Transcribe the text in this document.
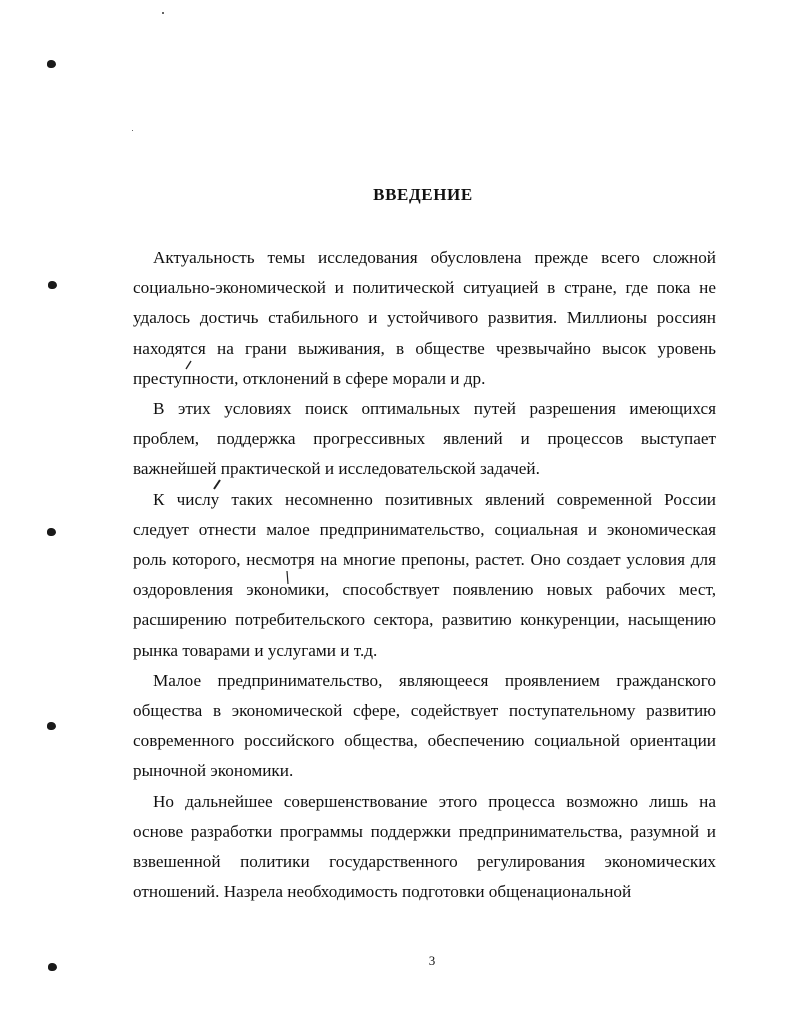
ВВЕДЕНИЕ

Актуальность темы исследования обусловлена прежде всего сложной социально-экономической и политической ситуацией в стране, где пока не удалось достичь стабильного и устойчивого развития. Миллионы россиян находятся на грани выживания, в обществе чрезвычайно высок уровень преступности, отклонений в сфере морали и др.

В этих условиях поиск оптимальных путей разрешения имеющихся проблем, поддержка прогрессивных явлений и процессов выступает важнейшей практической и исследовательской задачей.

К числу таких несомненно позитивных явлений современной России следует отнести малое предпринимательство, социальная и экономическая роль которого, несмотря на многие препоны, растет. Оно создает условия для оздоровления экономики, способствует появлению новых рабочих мест, расширению потребительского сектора, развитию конкуренции, насыщению рынка товарами и услугами и т.д.

Малое предпринимательство, являющееся проявлением гражданского общества в экономической сфере, содействует поступательному развитию современного российского общества, обеспечению социальной ориентации рыночной экономики.

Но дальнейшее совершенствование этого процесса возможно лишь на основе разработки программы поддержки предпринимательства, разумной и взвешенной политики государственного регулирования экономических отношений. Назрела необходимость подготовки общенациональной

3
